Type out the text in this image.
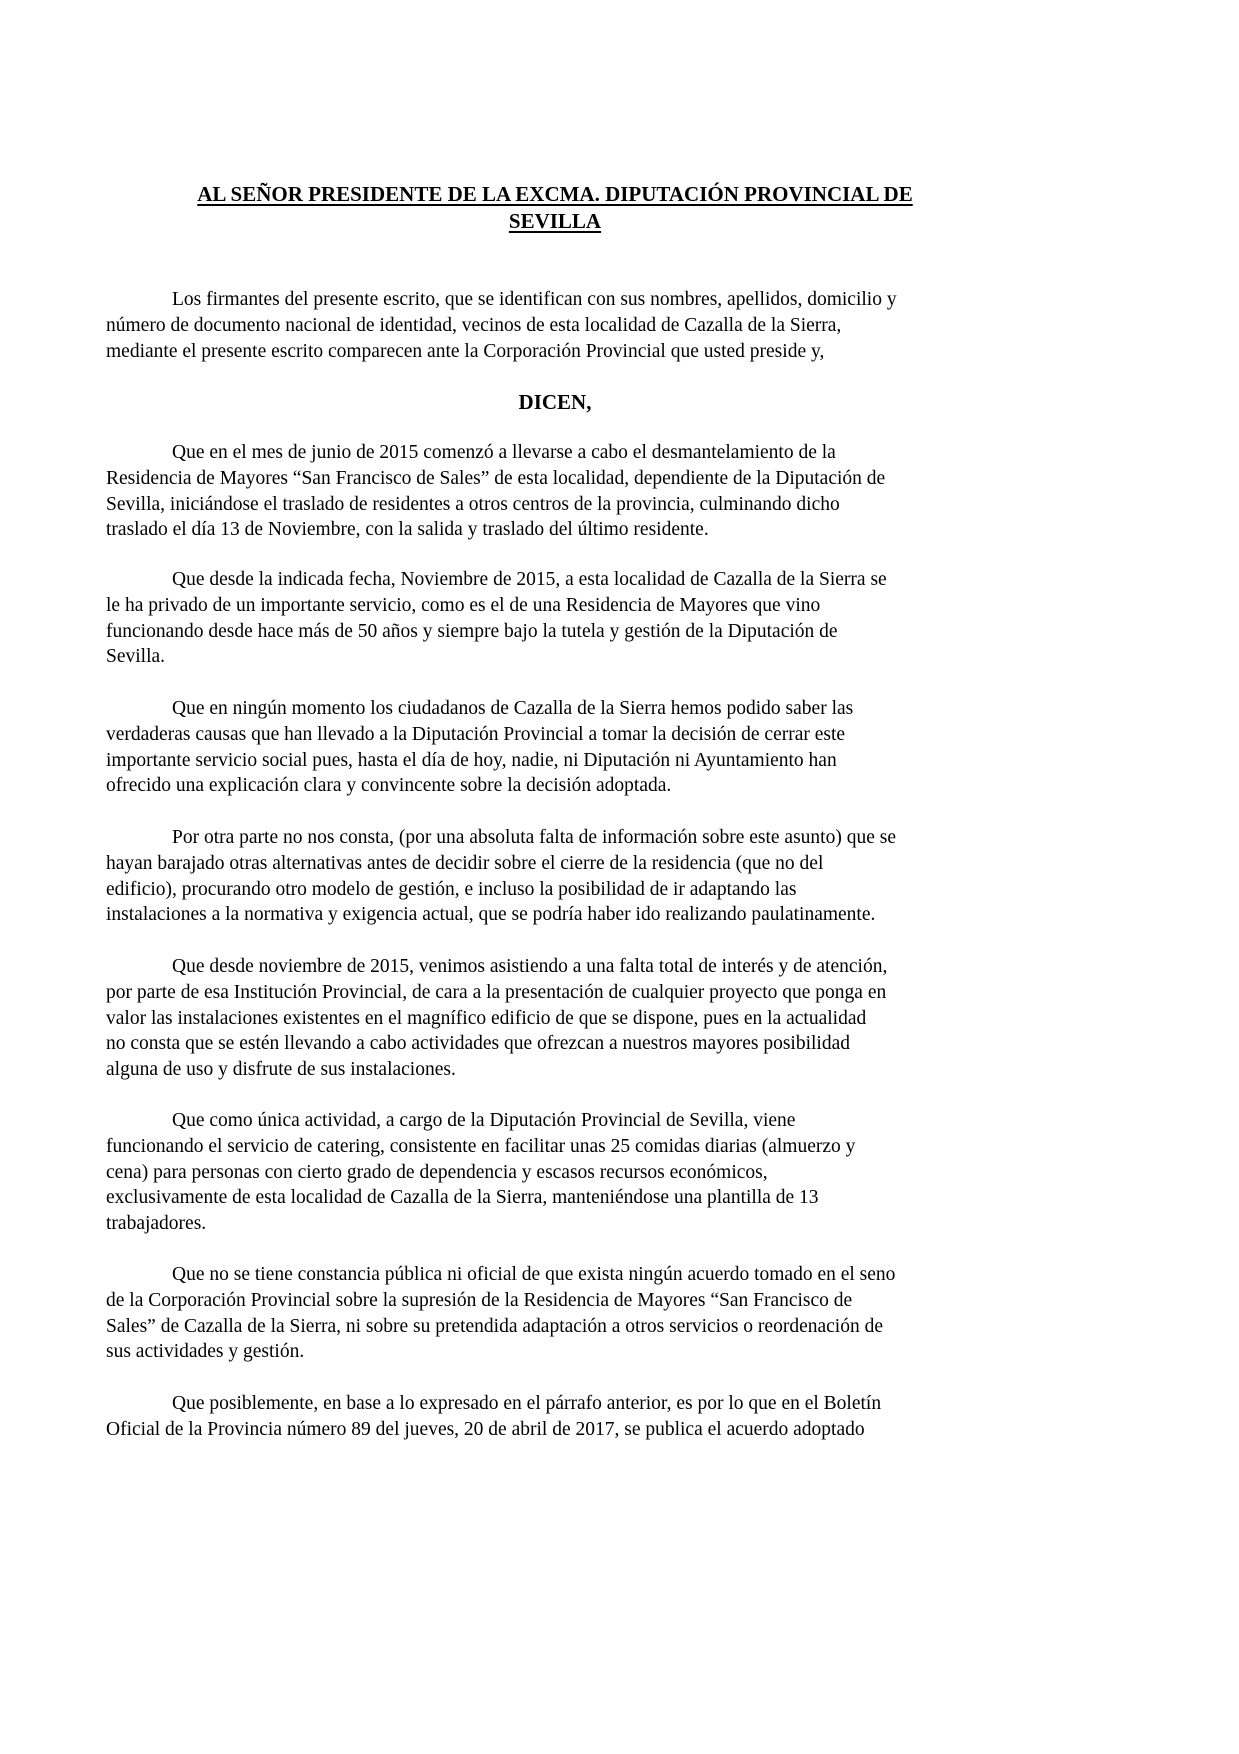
AL SEÑOR PRESIDENTE DE LA EXCMA. DIPUTACIÓN PROVINCIAL DE
SEVILLA

Los firmantes del presente escrito, que se identifican con sus nombres, apellidos, domicilio y
número de documento nacional de identidad, vecinos de esta localidad de Cazalla de la Sierra,
mediante el presente escrito comparecen ante la Corporación Provincial que usted preside y,

DICEN,

Que en el mes de junio de 2015 comenzó a llevarse a cabo el desmantelamiento de la
Residencia de Mayores “San Francisco de Sales” de esta localidad, dependiente de la Diputación de
Sevilla, iniciándose el traslado de residentes a otros centros de la provincia, culminando dicho
traslado el día 13 de Noviembre, con la salida y traslado del último residente.

Que desde la indicada fecha, Noviembre de 2015, a esta localidad de Cazalla de la Sierra se
le ha privado de un importante servicio, como es el de una Residencia de Mayores que vino
funcionando desde hace más de 50 años y siempre bajo la tutela y gestión de la Diputación de
Sevilla.

Que en ningún momento los ciudadanos de Cazalla de la Sierra hemos podido saber las
verdaderas causas que han llevado a la Diputación Provincial a tomar la decisión de cerrar este
importante servicio social pues, hasta el día de hoy, nadie, ni Diputación ni Ayuntamiento han
ofrecido una explicación clara y convincente sobre la decisión adoptada.

Por otra parte no nos consta, (por una absoluta falta de información sobre este asunto) que se
hayan barajado otras alternativas antes de decidir sobre el cierre de la residencia (que no del
edificio), procurando otro modelo de gestión, e incluso la posibilidad de ir adaptando las
instalaciones a la normativa y exigencia actual, que se podría haber ido realizando paulatinamente.

Que desde noviembre de 2015, venimos asistiendo a una falta total de interés y de atención,
por parte de esa Institución Provincial, de cara a la presentación de cualquier proyecto que ponga en
valor las instalaciones existentes en el magnífico edificio de que se dispone, pues en la actualidad
no consta que se estén llevando a cabo actividades que ofrezcan a nuestros mayores posibilidad
alguna de uso y disfrute de sus instalaciones.

Que como única actividad, a cargo de la Diputación Provincial de Sevilla, viene
funcionando el servicio de catering, consistente en facilitar unas 25 comidas diarias (almuerzo y
cena) para personas con cierto grado de dependencia y escasos recursos económicos,
exclusivamente de esta localidad de Cazalla de la Sierra, manteniéndose una plantilla de 13
trabajadores.

Que no se tiene constancia pública ni oficial de que exista ningún acuerdo tomado en el seno
de la Corporación Provincial sobre la supresión de la Residencia de Mayores “San Francisco de
Sales” de Cazalla de la Sierra, ni sobre su pretendida adaptación a otros servicios o reordenación de
sus actividades y gestión.

Que posiblemente, en base a lo expresado en el párrafo anterior, es por lo que en el Boletín
Oficial de la Provincia número 89 del jueves, 20 de abril de 2017, se publica el acuerdo adoptado
